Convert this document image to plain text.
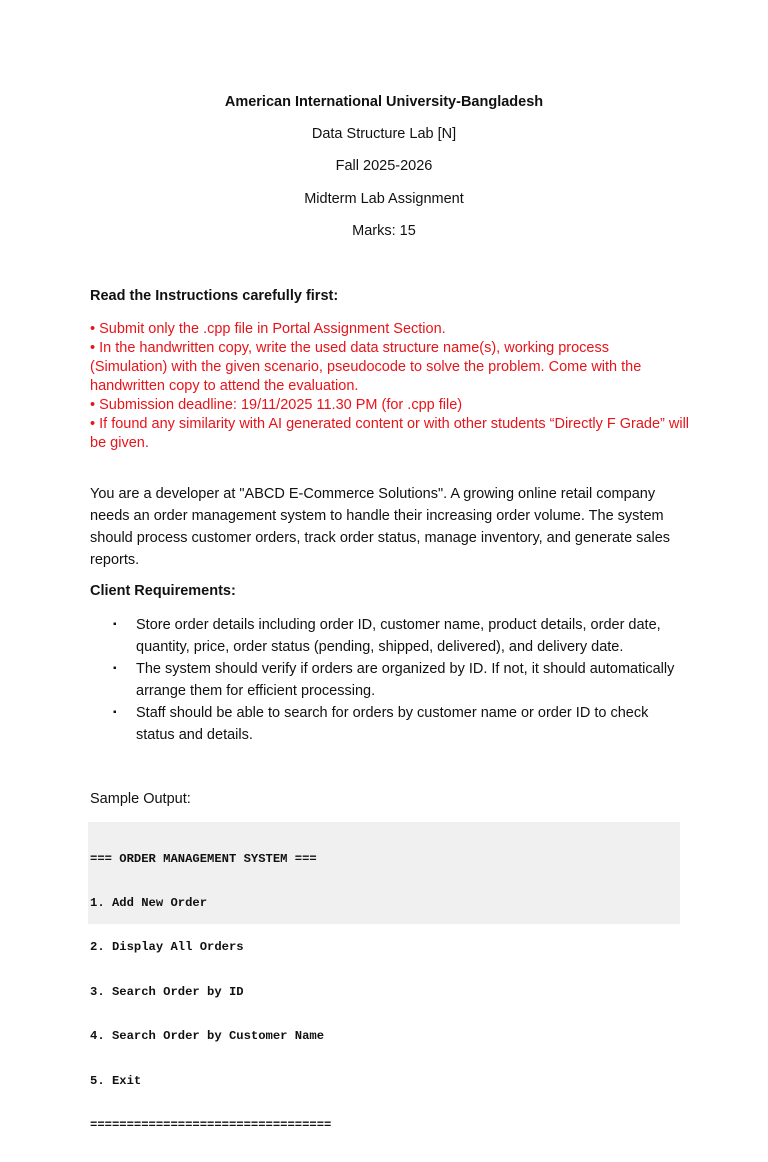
American International University-Bangladesh
Data Structure Lab [N]
Fall 2025-2026
Midterm Lab Assignment
Marks: 15
Read the Instructions carefully first:
• Submit only the .cpp file in Portal Assignment Section.
• In the handwritten copy, write the used data structure name(s), working process (Simulation) with the given scenario, pseudocode to solve the problem. Come with the handwritten copy to attend the evaluation.
• Submission deadline: 19/11/2025 11.30 PM (for .cpp file)
• If found any similarity with AI generated content or with other students “Directly F Grade” will be given.
You are a developer at "ABCD E-Commerce Solutions". A growing online retail company needs an order management system to handle their increasing order volume. The system should process customer orders, track order status, manage inventory, and generate sales reports.
Client Requirements:
▪ Store order details including order ID, customer name, product details, order date, quantity, price, order status (pending, shipped, delivered), and delivery date.
▪ The system should verify if orders are organized by ID. If not, it should automatically arrange them for efficient processing.
▪ Staff should be able to search for orders by customer name or order ID to check status and details.
Sample Output:

=== ORDER MANAGEMENT SYSTEM ===

1. Add New Order

2. Display All Orders

3. Search Order by ID

4. Search Order by Customer Name

5. Exit

=================================
